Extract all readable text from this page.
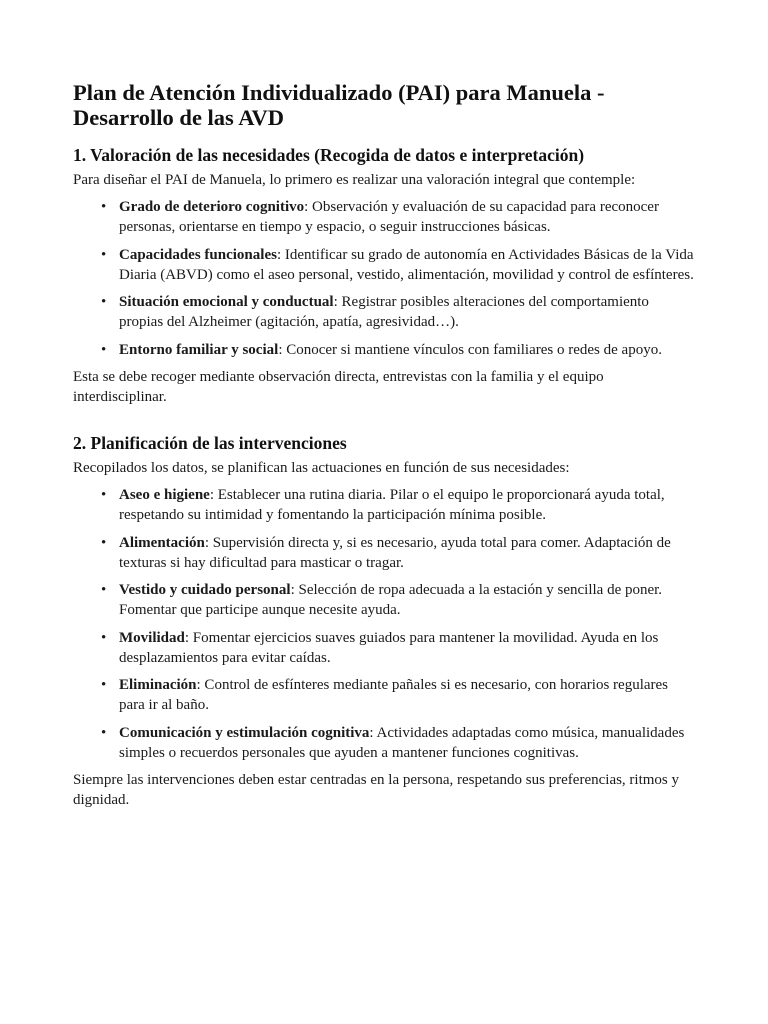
Plan de Atención Individualizado (PAI) para Manuela - Desarrollo de las AVD
1. Valoración de las necesidades (Recogida de datos e interpretación)

Para diseñar el PAI de Manuela, lo primero es realizar una valoración integral que contemple:

• Grado de deterioro cognitivo: Observación y evaluación de su capacidad para reconocer personas, orientarse en tiempo y espacio, o seguir instrucciones básicas.
• Capacidades funcionales: Identificar su grado de autonomía en Actividades Básicas de la Vida Diaria (ABVD) como el aseo personal, vestido, alimentación, movilidad y control de esfínteres.
• Situación emocional y conductual: Registrar posibles alteraciones del comportamiento propias del Alzheimer (agitación, apatía, agresividad…).
• Entorno familiar y social: Conocer si mantiene vínculos con familiares o redes de apoyo.

Esta se debe recoger mediante observación directa, entrevistas con la familia y el equipo interdisciplinar.

2. Planificación de las intervenciones

Recopilados los datos, se planifican las actuaciones en función de sus necesidades:

• Aseo e higiene: Establecer una rutina diaria. Pilar o el equipo le proporcionará ayuda total, respetando su intimidad y fomentando la participación mínima posible.
• Alimentación: Supervisión directa y, si es necesario, ayuda total para comer. Adaptación de texturas si hay dificultad para masticar o tragar.
• Vestido y cuidado personal: Selección de ropa adecuada a la estación y sencilla de poner. Fomentar que participe aunque necesite ayuda.
• Movilidad: Fomentar ejercicios suaves guiados para mantener la movilidad. Ayuda en los desplazamientos para evitar caídas.
• Eliminación: Control de esfínteres mediante pañales si es necesario, con horarios regulares para ir al baño.
• Comunicación y estimulación cognitiva: Actividades adaptadas como música, manualidades simples o recuerdos personales que ayuden a mantener funciones cognitivas.

Siempre las intervenciones deben estar centradas en la persona, respetando sus preferencias, ritmos y dignidad.
